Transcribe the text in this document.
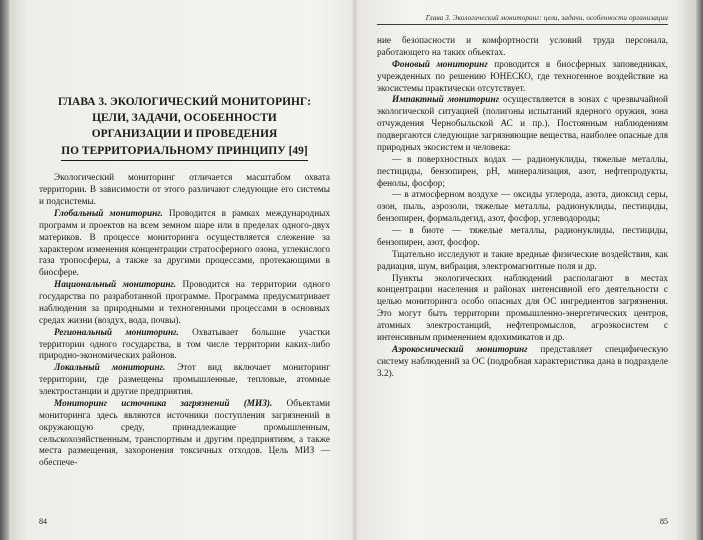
ГЛАВА 3. ЭКОЛОГИЧЕСКИЙ МОНИТОРИНГ:
ЦЕЛИ, ЗАДАЧИ, ОСОБЕННОСТИ
ОРГАНИЗАЦИИ И ПРОВЕДЕНИЯ
ПО ТЕРРИТОРИАЛЬНОМУ ПРИНЦИПУ [49]

Экологический мониторинг отличается масштабом охвата территории. В зависимости от этого различают следующие его системы и подсистемы.

Глобальный мониторинг. Проводится в рамках международных программ и проектов на всем земном шаре или в пределах одного-двух материков. В процессе мониторинга осуществляется слежение за характером изменения концентрации стратосферного озона, углекислого газа тропосферы, а также за другими процессами, протекающими в биосфере.

Национальный мониторинг. Проводится на территории одного государства по разработанной программе. Программа предусматривает наблюдения за природными и техногенными процессами в основных средах жизни (воздух, вода, почвы).

Региональный мониторинг. Охватывает большие участки территории одного государства, в том числе территории каких-либо природно-экономических районов.

Локальный мониторинг. Этот вид включает мониторинг территории, где размещены промышленные, тепловые, атомные электростанции и другие предприятия.

Мониторинг источника загрязнений (МИЗ). Объектами мониторинга здесь являются источники поступления загрязнений в окружающую среду, принадлежащие промышленным, сельскохозяйственным, транспортным и другим предприятиям, а также места размещения, захоронения токсичных отходов. Цель МИЗ — обеспече-

84
Глава 3. Экологический мониторинг: цели, задачи, особенности организации

ние безопасности и комфортности условий труда персонала, работающего на таких объектах.

Фоновый мониторинг проводится в биосферных заповедниках, учрежденных по решению ЮНЕСКО, где техногенное воздействие на экосистемы практически отсутствует.

Импактный мониторинг осуществляется в зонах с чрезвычайной экологической ситуацией (полигоны испытаний ядерного оружия, зона отчуждения Чернобыльской АС и пр.). Постоянным наблюдениям подвергаются следующие загрязняющие вещества, наиболее опасные для природных экосистем и человека:

— в поверхностных водах — радионуклиды, тяжелые металлы, пестициды, бензопирен, рН, минерализация, азот, нефтепродукты, фенолы, фосфор;

— в атмосферном воздухе — оксиды углерода, азота, диоксид серы, озон, пыль, аэрозоли, тяжелые металлы, радионуклиды, пестициды, бензопирен, формальдегид, азот, фосфор, углеводороды;

— в биоте — тяжелые металлы, радионуклиды, пестициды, бензопирен, азот, фосфор.

Тщательно исследуют и такие вредные физические воздействия, как радиация, шум, вибрация, электромагнитные поля и др.

Пункты экологических наблюдений располагают в местах концентрации населения и районах интенсивной его деятельности с целью мониторинга особо опасных для ОС ингредиентов загрязнения. Это могут быть территории промышленно-энергетических центров, атомных электростанций, нефтепромыслов, агроэкосистем с интенсивным применением ядохимикатов и др.

Аэрокосмический мониторинг представляет специфическую систему наблюдений за ОС (подробная характеристика дана в подразделе 3.2).

85
